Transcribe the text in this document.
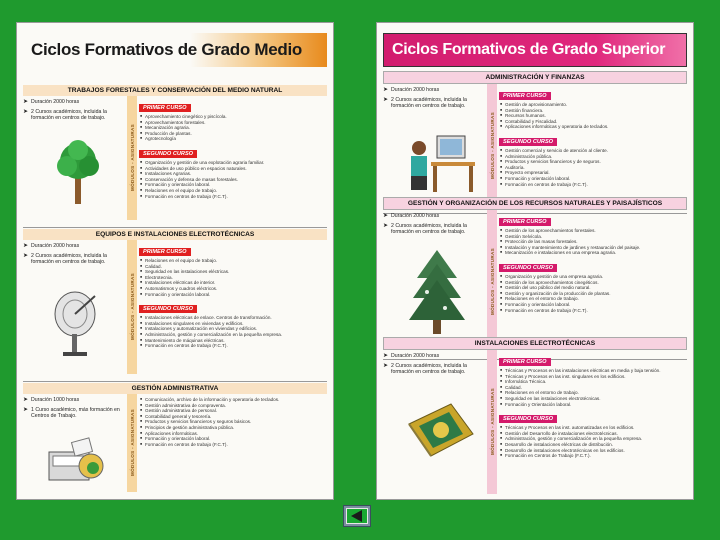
Ciclos Formativos de Grado Medio
TRABAJOS FORESTALES Y CONSERVACIÓN DEL MEDIO NATURAL
➤ Duración 2000 horas
➤ 2 Cursos académicos, incluida la formación en centros de trabajo.
MÓDULOS - ASIGNATURAS
PRIMER CURSO
■ Aprovechamiento cinegético y piscícola.
■ Aprovechamientos forestales.
■ Mecanización agraria.
■ Producción de plantas.
■ Agrotecnología
SEGUNDO CURSO
■ Organización y gestión de una explotación agraria familiar.
■ Actividades de uso público en espacios naturales.
■ Instalaciones Agrarias.
■ Conservación y defensa de masas forestales.
■ Formación y orientación laboral.
■ Relaciones en el equipo de trabajo.
■ Formación en centros de trabajo (F.C.T).
EQUIPOS E INSTALACIONES ELECTROTÉCNICAS
➤ Duración 2000 horas
➤ 2 Cursos académicos, incluida la formación en centros de trabajo.
MÓDULOS - ASIGNATURAS
PRIMER CURSO
■ Relaciones en el equipo de trabajo.
■ Calidad.
■ Seguridad en las instalaciones eléctricas.
■ Electrotecnia.
■ Instalaciones eléctricas de interior.
■ Automatismos y cuadros eléctricos.
■ Formación y orientación laboral.
SEGUNDO CURSO
■ Instalaciones eléctricas de enlace. Centros de transformación.
■ Instalaciones singulares en viviendas y edificios.
■ Instalaciones y automatización en viviendas y edificios.
■ Administración, gestión y comercialización en la pequeña empresa.
■ Mantenimiento de máquinas eléctricas.
■ Formación en centros de trabajo (F.C.T).
GESTIÓN ADMINISTRATIVA
➤ Duración 1000 horas
➤ 1 Curso académico, más formación en Centros de Trabajo.	MÓDULOS - ASIGNATURAS
■ Comunicación, archivo de la información y operatoria de teclados.
■ Gestión administrativa de compraventa.
■ Gestión administrativa de personal.
■ Contabilidad general y tesorería.
■ Productos y servicios financieros y seguros básicos.
■ Principios de gestión administrativa pública.
■ Aplicaciones informáticas.
■ Formación y orientación laboral.
■ Formación en centros de trabajo (F.C.T).
Ciclos Formativos de Grado Superior
ADMINISTRACIÓN Y FINANZAS
➤ Duración 2000 horas
➤ 2 Cursos académicos, incluida la formación en centros de trabajo.
MÓDULOS - ASIGNATURAS
PRIMER CURSO
■ Gestión de aprovisionamiento.
■ Gestión financiera.
■ Recursos humanos.
■ Contabilidad y Fiscalidad.
■ Aplicaciones informáticas y operatoria de teclados.
SEGUNDO CURSO
■ Gestión comercial y servicio de atención al cliente.
■ Administración pública.
■ Productos y servicios financieros y de seguros.
■ Auditoría.
■ Proyecto empresarial.
■ Formación y orientación laboral.
■ Formación en centros de trabajo (F.C.T).
GESTIÓN Y ORGANIZACIÓN DE LOS RECURSOS NATURALES Y PAISAJÍSTICOS
➤ Duración 2000 horas
➤ 2 Cursos académicos, incluida la formación en centros de trabajo.
MÓDULOS - ASIGNATURAS
PRIMER CURSO
■ Gestión de los aprovechamientos forestales.
■ Gestión Selvícola.
■ Protección de las masas forestales.
■ Instalación y mantenimiento de jardines y restauración del paisaje.
■ Mecanización e instalaciones en una empresa agraria.
SEGUNDO CURSO
■ Organización y gestión de una empresa agraria.
■ Gestión de los aprovechamientos cinegéticos.
■ Gestión del uso público del medio natural.
■ Gestión y organización de la producción de plantas.
■ Relaciones en el entorno de trabajo.
■ Formación y orientación laboral.
■ Formación en centros de trabajo (F.C.T).
INSTALACIONES ELECTROTÉCNICAS
➤ Duración 2000 horas
➤ 2 Cursos académicos, incluida la formación en centros de trabajo.
MÓDULOS - ASIGNATURAS
PRIMER CURSO
■ Técnicas y Procesos en las instalaciones eléctricas en media y baja tensión.
■ Técnicas y Procesos en las inst. singulares en los edificios.
■ Informática Técnica.
■ Calidad.
■ Relaciones en el entorno de trabajo.
■ Seguridad en las instalaciones electrotécnicas.
■ Formación y Orientación laboral.
SEGUNDO CURSO
■ Técnicas y Procesos en las inst. automatizadas en los edificios.
■ Gestión del Desarrollo de instalaciones electrotécnicas.
■ Administración, gestión y comercialización en la pequeña empresa.
■ Desarrollo de instalaciones eléctricas de distribución.
■ Desarrollo de instalaciones electrotécnicas en los edificios.
■ Formación en Centros de Trabajo (F.C.T.).
